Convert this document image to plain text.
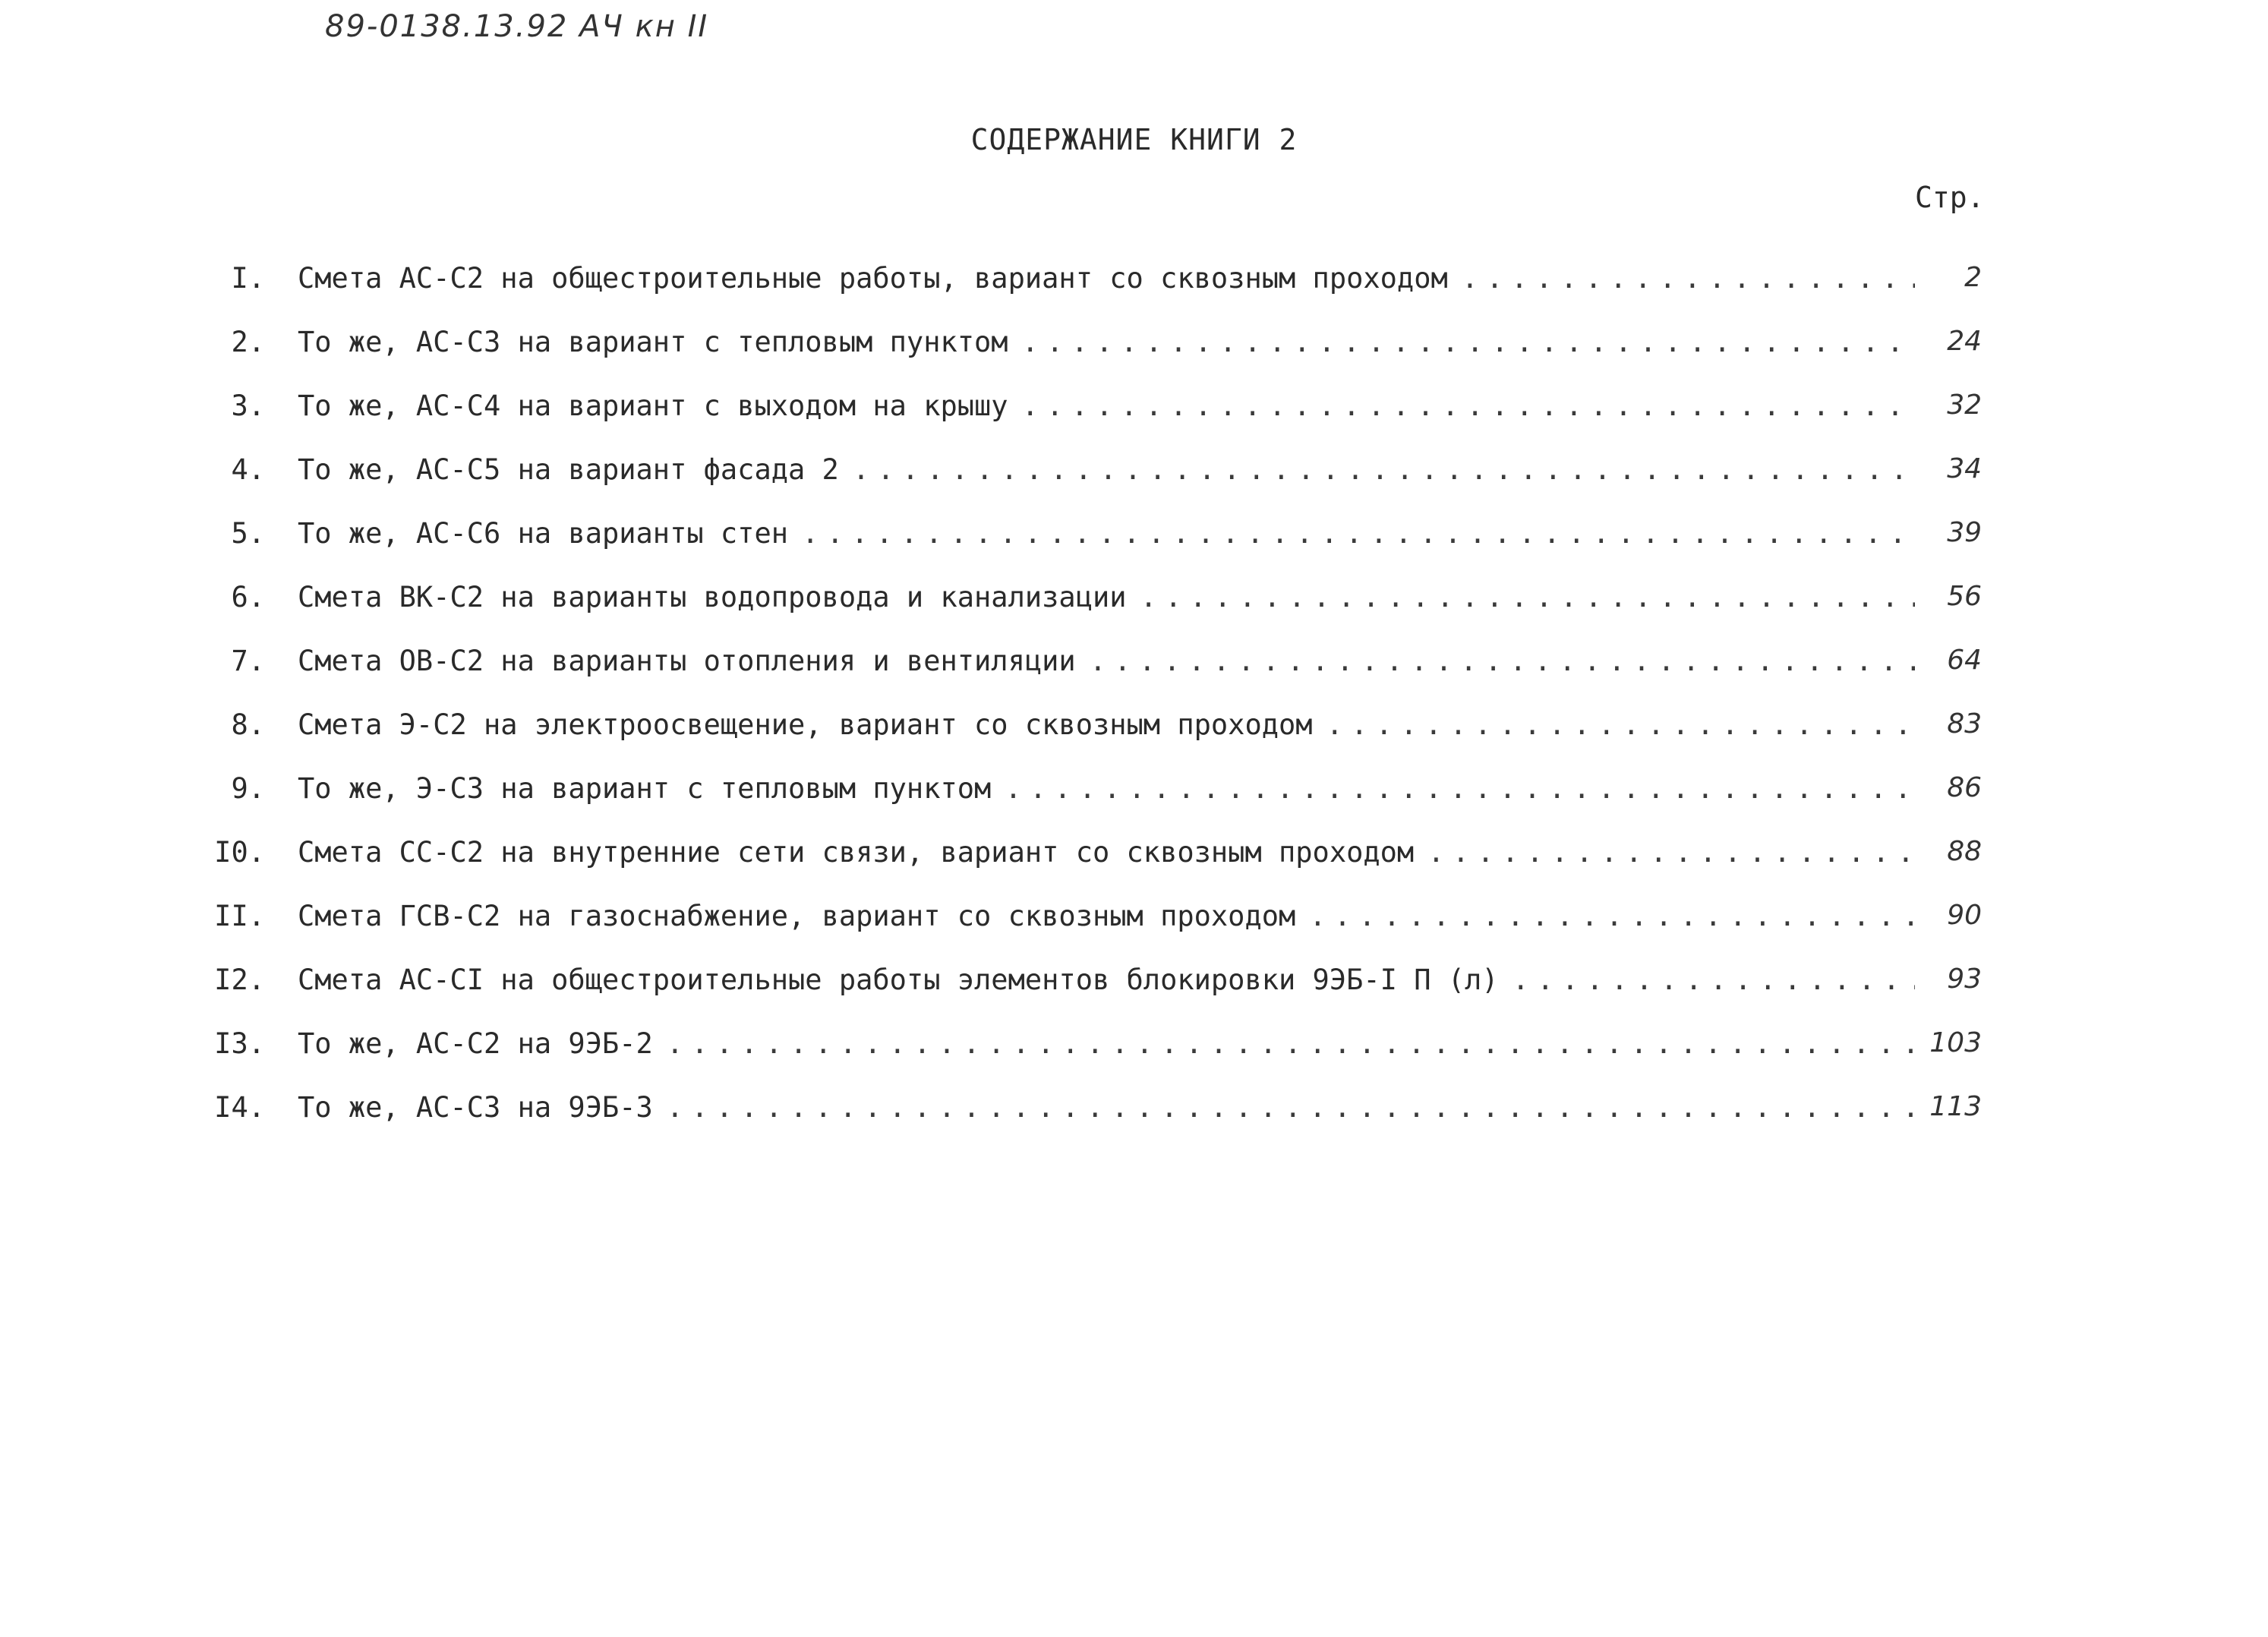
89-0138.13.92 АЧ кн II
СОДЕРЖАНИЕ КНИГИ 2
Стр.
I. Смета АС-С2 на общестроительные работы, вариант со сквозным проходом . . .	2
2. То же, АС-С3 на вариант с тепловым пунктом . . .	24
3. То же, АС-С4 на вариант с выходом на крышу . . .	32
4. То же, АС-С5 на вариант фасада 2 . . .	34
5. То же, АС-С6 на варианты стен . . .	39
6. Смета ВК-С2 на варианты водопровода и канализации . . .	56
7. Смета ОВ-С2 на варианты отопления и вентиляции . . .	64
8. Смета Э-С2 на электроосвещение, вариант со сквозным проходом . . .	83
9. То же, Э-С3 на вариант с тепловым пунктом . . .	86
I0. Смета СС-С2 на внутренние сети связи, вариант со сквозным проходом . . .	88
II. Смета ГСВ-С2 на газоснабжение, вариант со сквозным проходом . . .	90
I2. Смета АС-СI на общестроительные работы элементов блокировки 9ЭБ-I П (л) . . .	93
I3. То же, АС-С2 на 9ЭБ-2 . . .	103
I4. То же, АС-С3 на 9ЭБ-3 . . .	113
